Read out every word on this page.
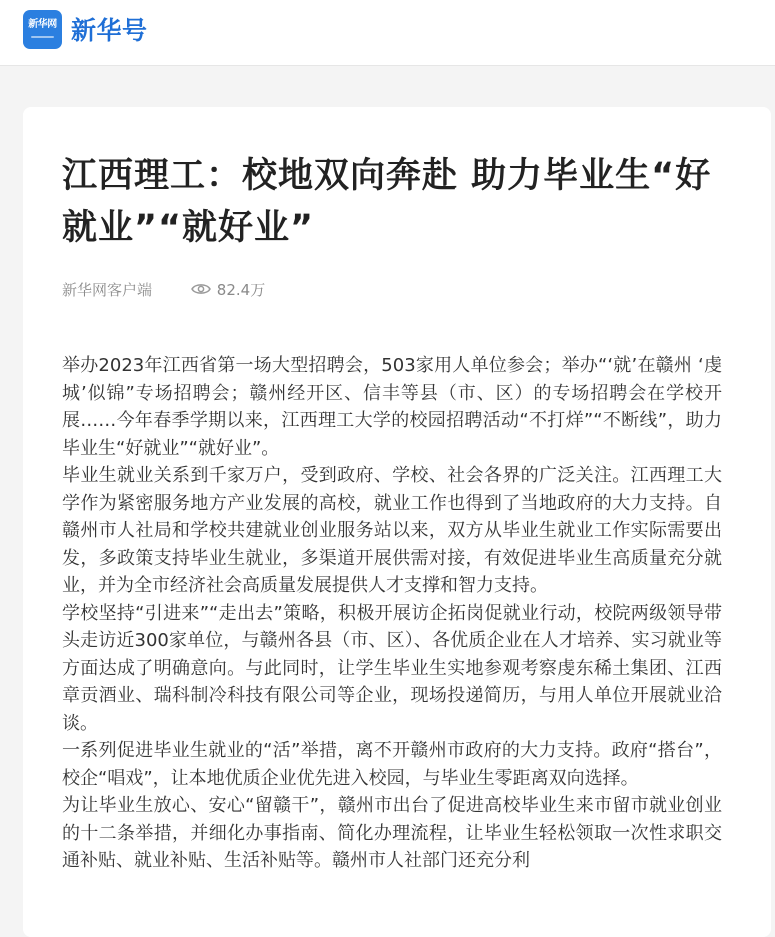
新华网 新华号
江西理工：校地双向奔赴 助力毕业生“好就业”“就好业”
新华网客户端	82.4万

举办2023年江西省第一场大型招聘会，503家用人单位参会；举办“‘就’在赣州 ‘虔城’似锦”专场招聘会；赣州经开区、信丰等县（市、区）的专场招聘会在学校开展……今年春季学期以来，江西理工大学的校园招聘活动“不打烊”“不断线”，助力毕业生“好就业”“就好业”。

毕业生就业关系到千家万户，受到政府、学校、社会各界的广泛关注。江西理工大学作为紧密服务地方产业发展的高校，就业工作也得到了当地政府的大力支持。自赣州市人社局和学校共建就业创业服务站以来，双方从毕业生就业工作实际需要出发，多政策支持毕业生就业，多渠道开展供需对接，有效促进毕业生高质量充分就业，并为全市经济社会高质量发展提供人才支撑和智力支持。

学校坚持“引进来”“走出去”策略，积极开展访企拓岗促就业行动，校院两级领导带头走访近300家单位，与赣州各县（市、区）、各优质企业在人才培养、实习就业等方面达成了明确意向。与此同时，让学生毕业生实地参观考察虔东稀土集团、江西章贡酒业、瑞科制冷科技有限公司等企业，现场投递简历，与用人单位开展就业洽谈。

一系列促进毕业生就业的“活”举措，离不开赣州市政府的大力支持。政府“搭台”，校企“唱戏”，让本地优质企业优先进入校园，与毕业生零距离双向选择。

为让毕业生放心、安心“留赣干”，赣州市出台了促进高校毕业生来市留市就业创业的十二条举措，并细化办事指南、简化办理流程，让毕业生轻松领取一次性求职交通补贴、就业补贴、生活补贴等。赣州市人社部门还充分利
